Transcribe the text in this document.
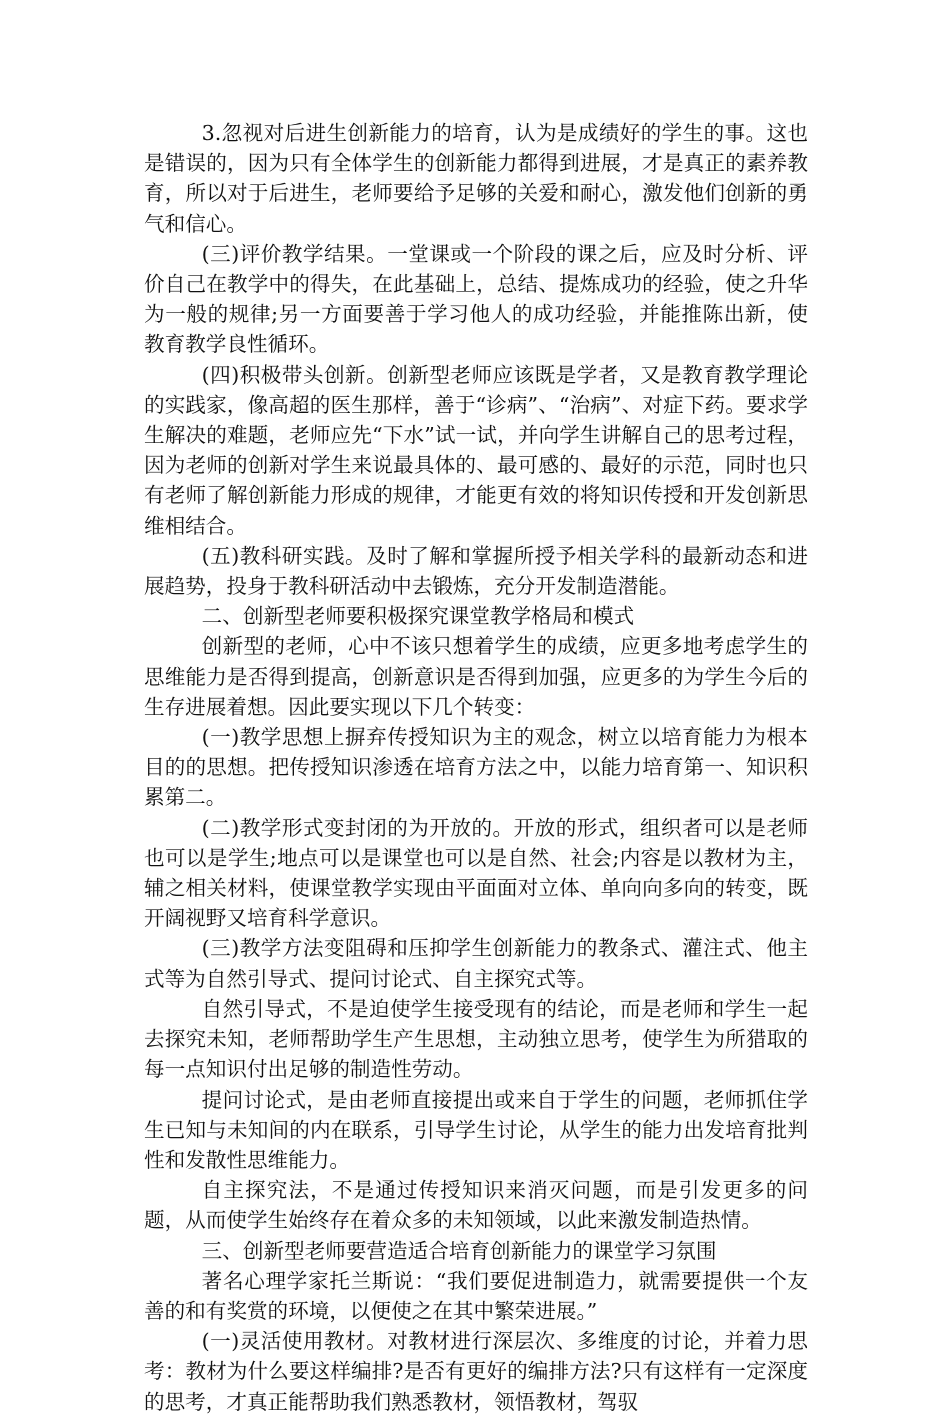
3.忽视对后进生创新能力的培育，认为是成绩好的学生的事。这也是错误的，因为只有全体学生的创新能力都得到进展，才是真正的素养教育，所以对于后进生，老师要给予足够的关爱和耐心，激发他们创新的勇气和信心。

(三)评价教学结果。一堂课或一个阶段的课之后，应及时分析、评价自己在教学中的得失，在此基础上，总结、提炼成功的经验，使之升华为一般的规律;另一方面要善于学习他人的成功经验，并能推陈出新，使教育教学良性循环。

(四)积极带头创新。创新型老师应该既是学者，又是教育教学理论的实践家，像高超的医生那样，善于“诊病”、“治病”、对症下药。要求学生解决的难题，老师应先“下水”试一试，并向学生讲解自己的思考过程，因为老师的创新对学生来说最具体的、最可感的、最好的示范，同时也只有老师了解创新能力形成的规律，才能更有效的将知识传授和开发创新思维相结合。

(五)教科研实践。及时了解和掌握所授予相关学科的最新动态和进展趋势，投身于教科研活动中去锻炼，充分开发制造潜能。

二、创新型老师要积极探究课堂教学格局和模式

创新型的老师，心中不该只想着学生的成绩，应更多地考虑学生的思维能力是否得到提高，创新意识是否得到加强，应更多的为学生今后的生存进展着想。因此要实现以下几个转变：

(一)教学思想上摒弃传授知识为主的观念，树立以培育能力为根本目的的思想。把传授知识渗透在培育方法之中，以能力培育第一、知识积累第二。

(二)教学形式变封闭的为开放的。开放的形式，组织者可以是老师也可以是学生;地点可以是课堂也可以是自然、社会;内容是以教材为主，辅之相关材料，使课堂教学实现由平面面对立体、单向向多向的转变，既开阔视野又培育科学意识。

(三)教学方法变阻碍和压抑学生创新能力的教条式、灌注式、他主式等为自然引导式、提问讨论式、自主探究式等。

自然引导式，不是迫使学生接受现有的结论，而是老师和学生一起去探究未知，老师帮助学生产生思想，主动独立思考，使学生为所猎取的每一点知识付出足够的制造性劳动。

提问讨论式，是由老师直接提出或来自于学生的问题，老师抓住学生已知与未知间的内在联系，引导学生讨论，从学生的能力出发培育批判性和发散性思维能力。

自主探究法，不是通过传授知识来消灭问题，而是引发更多的问题，从而使学生始终存在着众多的未知领域，以此来激发制造热情。

三、创新型老师要营造适合培育创新能力的课堂学习氛围

著名心理学家托兰斯说：“我们要促进制造力，就需要提供一个友善的和有奖赏的环境，以便使之在其中繁荣进展。”

(一)灵活使用教材。对教材进行深层次、多维度的讨论，并着力思考：教材为什么要这样编排?是否有更好的编排方法?只有这样有一定深度的思考，才真正能帮助我们熟悉教材，领悟教材，驾驭
